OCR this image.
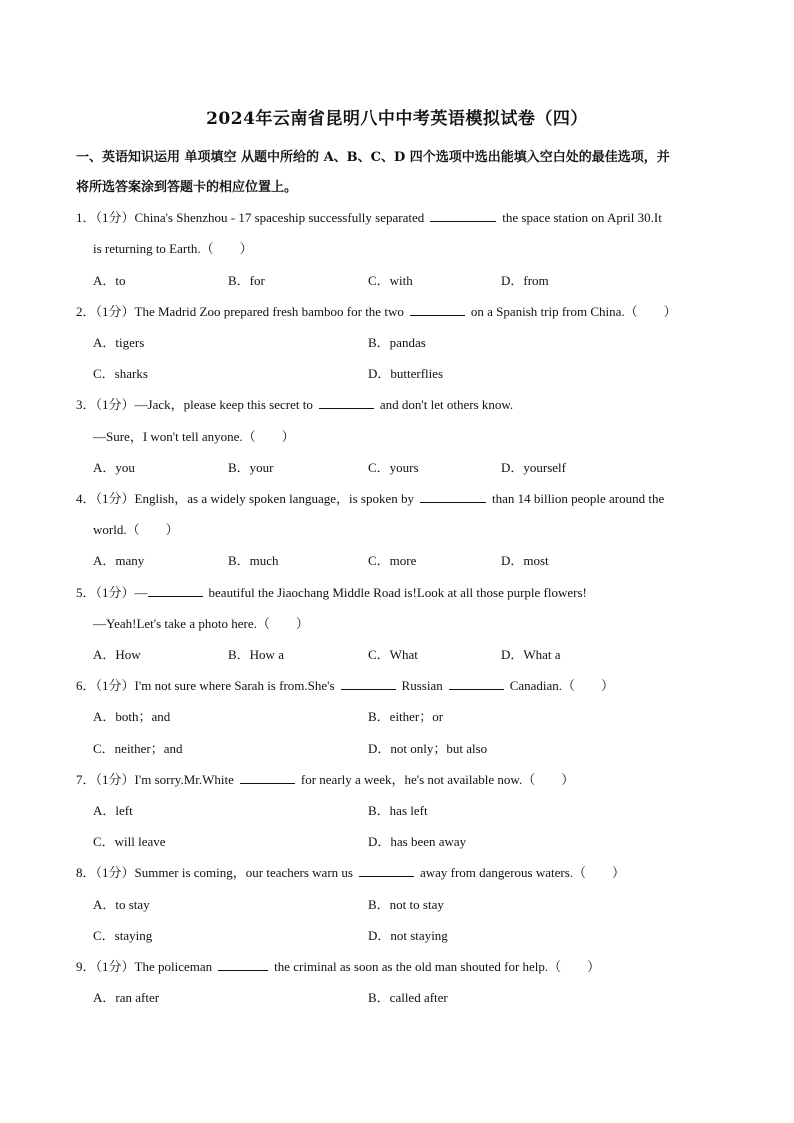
2024年云南省昆明八中中考英语模拟试卷（四）
一、英语知识运用 单项填空 从题中所给的 A、B、C、D 四个选项中选出能填入空白处的最佳选项，并
将所选答案涂到答题卡的相应位置上。
1．（1分）China's Shenzhou - 17 spaceship successfully separated	the space station on April 30.It
is returning to Earth.（　　）
A．to	B．for	C．with	D．from
2．（1分）The Madrid Zoo prepared fresh bamboo for the two	on a Spanish trip from China.（　　）
A．tigers	B．pandas
C．sharks	D．butterflies
3．（1分）—Jack，please keep this secret to	and don't let others know.
—Sure，I won't tell anyone.（　　）
A．you	B．your	C．yours	D．yourself
4．（1分）English，as a widely spoken language，is spoken by	than 14 billion people around the
world.（　　）
A．many	B．much	C．more	D．most
5．（1分）—	beautiful the Jiaochang Middle Road is!Look at all those purple flowers!
—Yeah!Let's take a photo here.（　　）
A．How	B．How a	C．What	D．What a
6．（1分）I'm not sure where Sarah is from.She's	Russian	Canadian.（　　）
A．both；and	B．either；or
C．neither；and	D．not only；but also
7．（1分）I'm sorry.Mr.White	for nearly a week，he's not available now.（　　）
A．left	B．has left
C．will leave	D．has been away
8．（1分）Summer is coming，our teachers warn us	away from dangerous waters.（　　）
A．to stay	B．not to stay
C．staying	D．not staying
9．（1分）The policeman	the criminal as soon as the old man shouted for help.（　　）
A．ran after	B．called after
